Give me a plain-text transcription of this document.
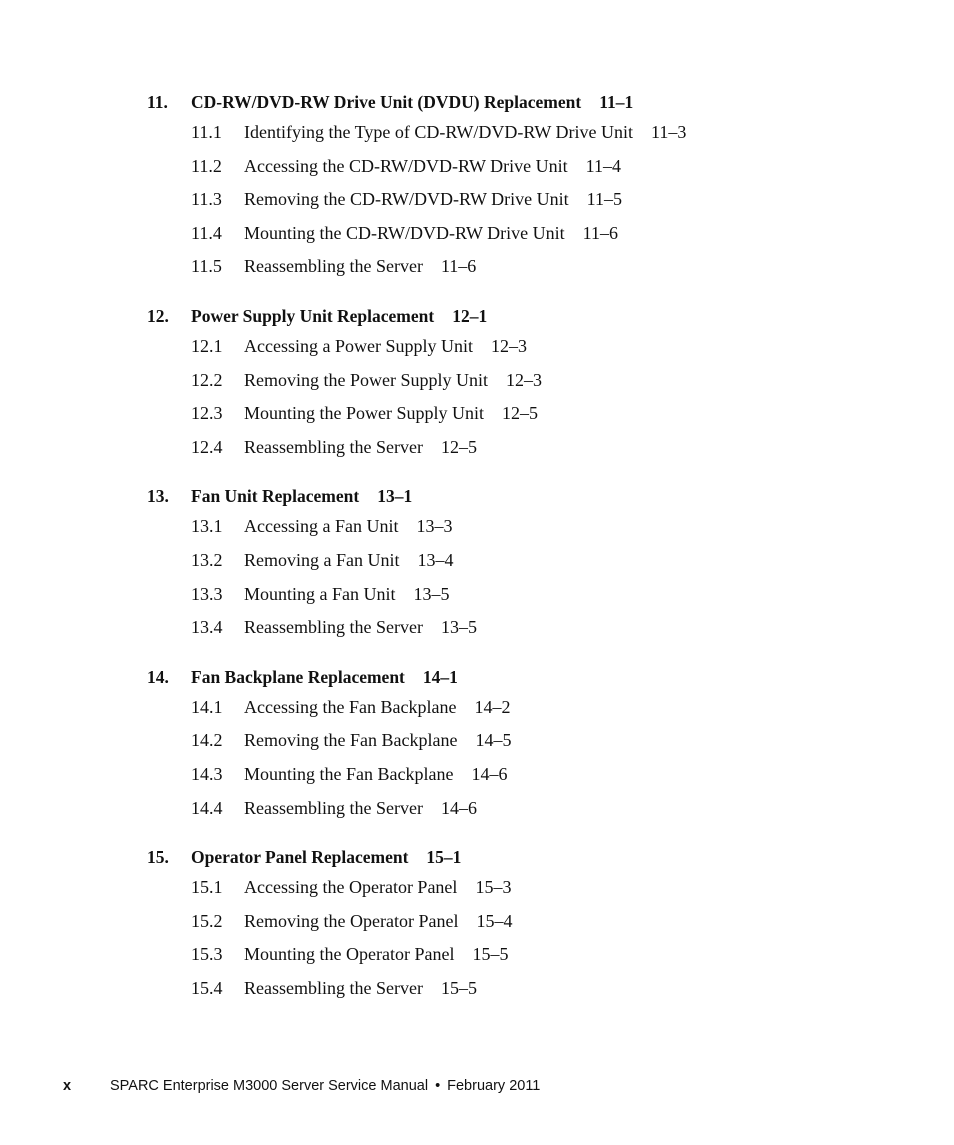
11.	CD-RW/DVD-RW Drive Unit (DVDU) Replacement 11–1
11.1	Identifying the Type of CD-RW/DVD-RW Drive Unit 11–3
11.2	Accessing the CD-RW/DVD-RW Drive Unit 11–4
11.3	Removing the CD-RW/DVD-RW Drive Unit 11–5
11.4	Mounting the CD-RW/DVD-RW Drive Unit 11–6
11.5	Reassembling the Server 11–6
12.	Power Supply Unit Replacement 12–1
12.1	Accessing a Power Supply Unit 12–3
12.2	Removing the Power Supply Unit 12–3
12.3	Mounting the Power Supply Unit 12–5
12.4	Reassembling the Server 12–5
13.	Fan Unit Replacement 13–1
13.1	Accessing a Fan Unit 13–3
13.2	Removing a Fan Unit 13–4
13.3	Mounting a Fan Unit 13–5
13.4	Reassembling the Server 13–5
14.	Fan Backplane Replacement 14–1
14.1	Accessing the Fan Backplane 14–2
14.2	Removing the Fan Backplane 14–5
14.3	Mounting the Fan Backplane 14–6
14.4	Reassembling the Server 14–6
15.	Operator Panel Replacement 15–1
15.1	Accessing the Operator Panel 15–3
15.2	Removing the Operator Panel 15–4
15.3	Mounting the Operator Panel 15–5
15.4	Reassembling the Server 15–5
x	SPARC Enterprise M3000 Server Service Manual • February 2011
